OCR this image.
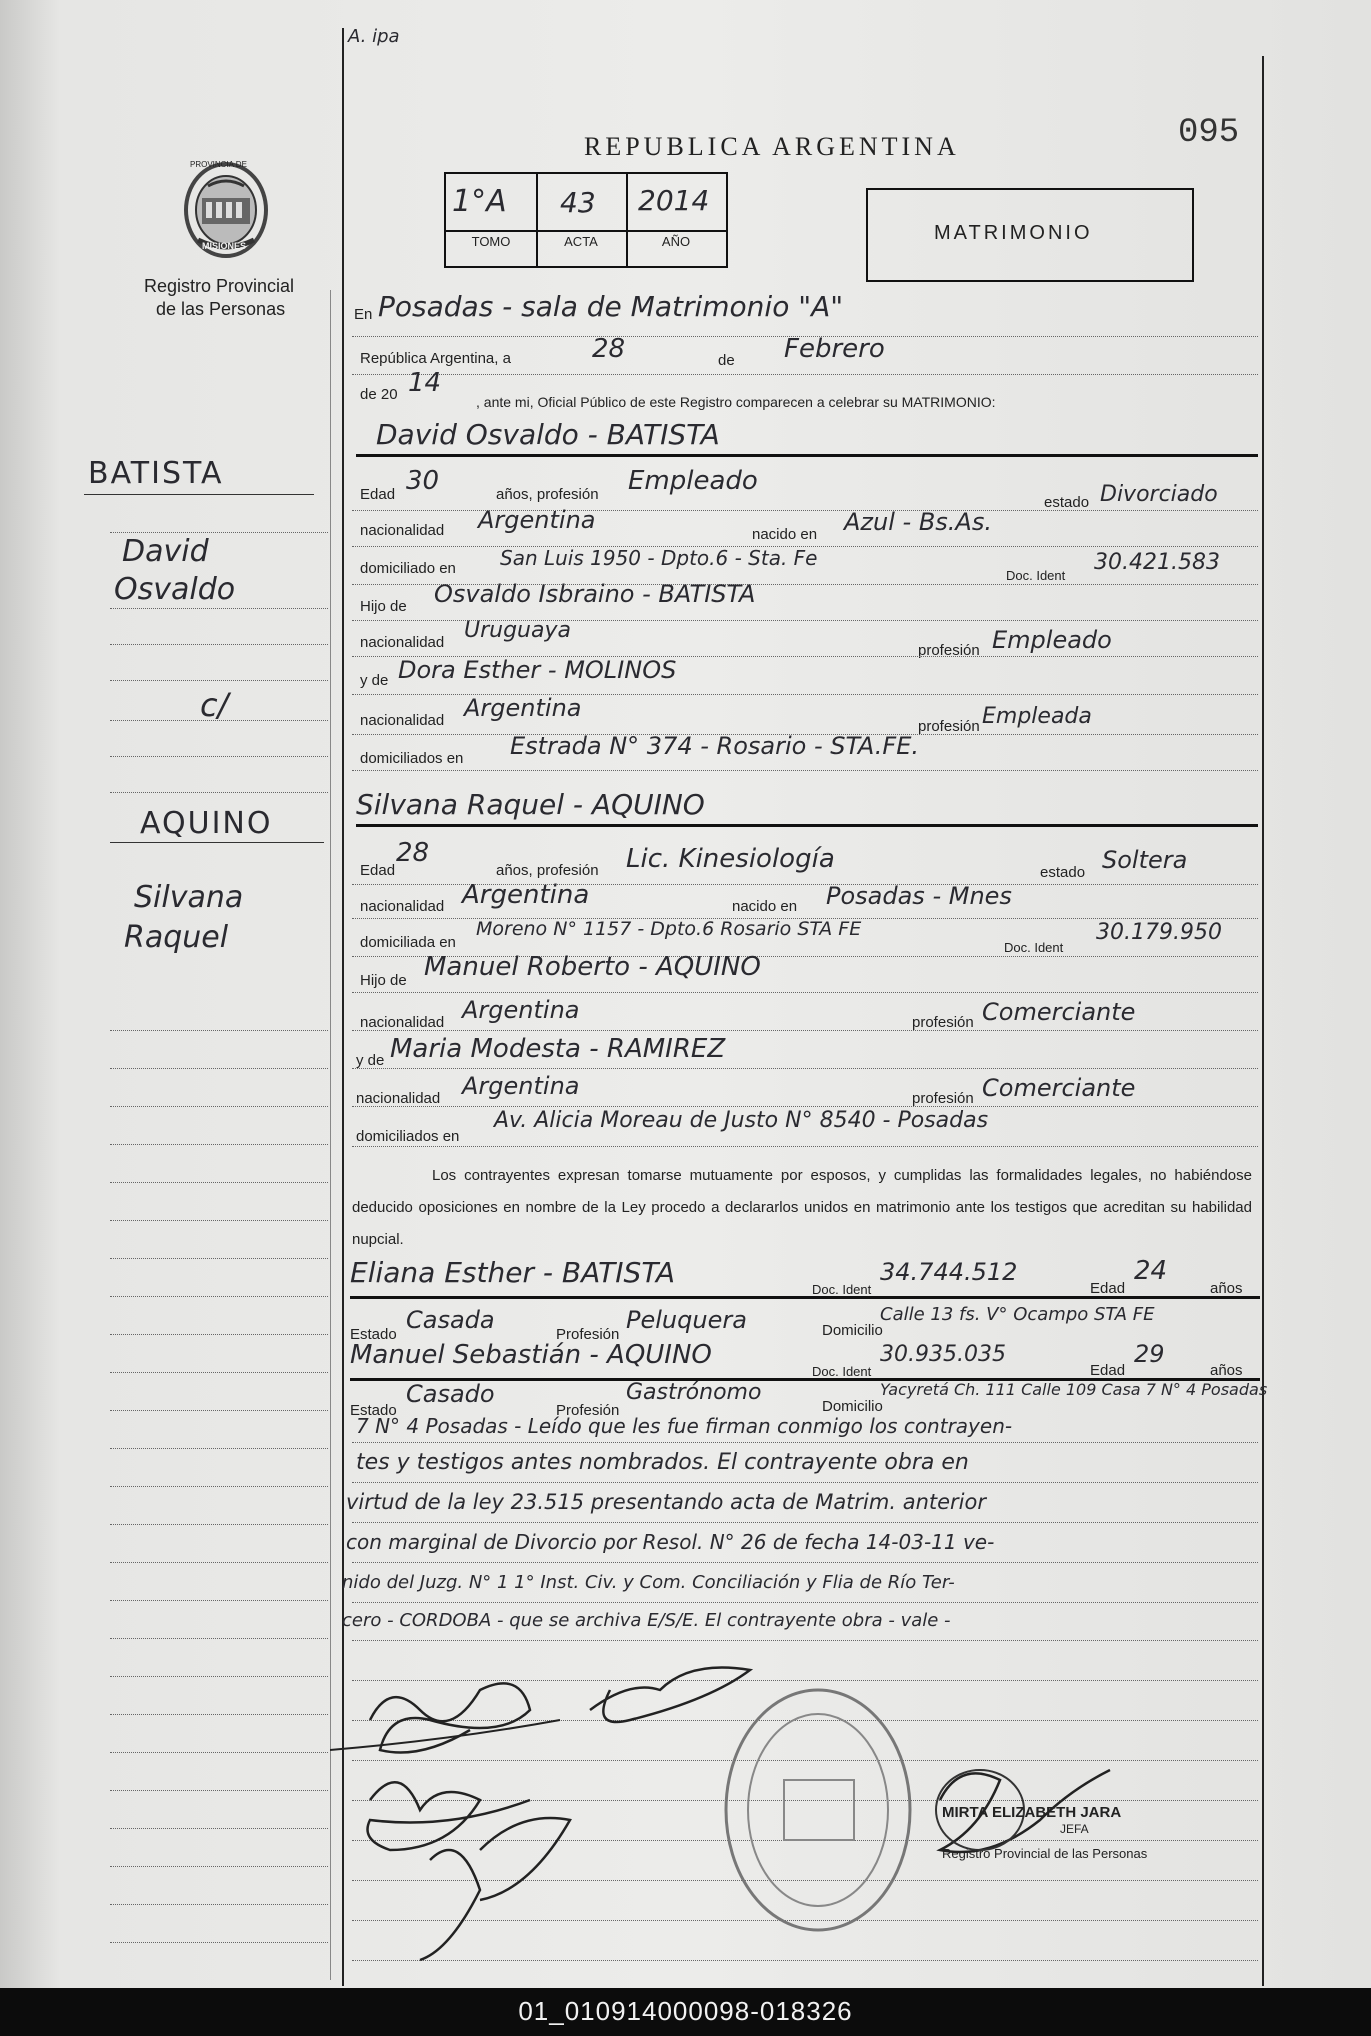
A. ipa
PROVINCIA DE
MISIONES
Registro Provincial
de las Personas
REPUBLICA ARGENTINA	095
1°A 43 2014
TOMO	ACTA	AÑO	MATRIMONIO
BATISTA
David
Osvaldo
c/
AQUINO
Silvana
Raquel
En Posadas - sala de Matrimonio "A"
República Argentina, a	28	de Febrero
de 20 14
, ante mi, Oficial Público de este Registro comparecen a celebrar su MATRIMONIO:
David Osvaldo - BATISTA
Edad 30	años, profesión Empleado
estado Divorciado
nacionalidad Argentina
nacido en Azul - Bs.As.
domiciliado en San Luis 1950 - Dpto.6 - Sta. Fe
Doc. Ident
30.421.583
Hijo de Osvaldo Isbraino - BATISTA
nacionalidad Uruguaya
profesión Empleado
y de Dora Esther - MOLINOS
nacionalidad Argentina
profesión Empleada
domiciliados en Estrada N° 374 - Rosario - STA.FE.
Silvana Raquel - AQUINO
Edad
28
años, profesión Lic. Kinesiología	estado Soltera
nacionalidad Argentina	nacido en Posadas - Mnes
domiciliada en
Moreno N° 1157 - Dpto.6 Rosario STA FE
Doc. Ident
30.179.950
Hijo de Manuel Roberto - AQUINO
nacionalidad Argentina	profesión Comerciante
y de Maria Modesta - RAMIREZ
nacionalidad Argentina	profesión Comerciante
domiciliados en
Av. Alicia Moreau de Justo N° 8540 - Posadas
Los contrayentes expresan tomarse mutuamente por esposos, y cumplidas las formalidades legales, no habiéndose deducido oposiciones en nombre de la Ley procedo a declararlos unidos en matrimonio ante los testigos que acreditan su habilidad nupcial.
Eliana Esther - BATISTA
Doc. Ident
34.744.512
Edad
24
años
Estado
Casada
Profesión
Peluquera	Domicilio
Calle 13 fs. V° Ocampo STA FE
Manuel Sebastián - AQUINO
Doc. Ident
30.935.035
Edad
29
años
Estado
Casado
Profesión
Gastrónomo
Domicilio
Yacyretá Ch. 111 Calle 109 Casa 7 N° 4 Posadas
7 N° 4 Posadas - Leído que les fue firman conmigo los contrayen-
tes y testigos antes nombrados. El contrayente obra en
virtud de la ley 23.515 presentando acta de Matrim. anterior
con marginal de Divorcio por Resol. N° 26 de fecha 14-03-11 ve-
nido del Juzg. N° 1 1° Inst. Civ. y Com. Conciliación y Flia de Río Ter-
cero - CORDOBA - que se archiva E/S/E. El contrayente obra - vale -
MIRTA ELIZABETH JARA
JEFA
Registro Provincial de las Personas
01_010914000098-018326
